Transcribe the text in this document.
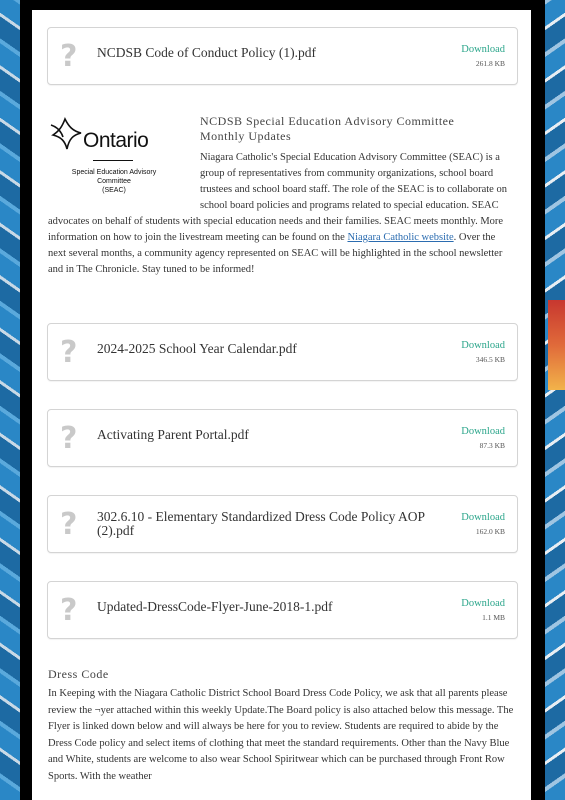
?	NCDSB Code of Conduct Policy (1).pdf	Download
261.8 KB
Ontario
Special Education Advisory
Committee
(SEAC)
NCDSB Special Education Advisory Committee
Monthly Updates
Niagara Catholic's Special Education Advisory Committee (SEAC) is a group of representatives from community organizations, school board trustees and school board staff. The role of the SEAC is to collaborate on school board policies and programs related to special education. SEAC advocates on behalf of students with special education needs and their families. SEAC meets monthly. More information on how to join the livestream meeting can be found on the Niagara Catholic website. Over the next several months, a community agency represented on SEAC will be highlighted in the school newsletter and in The Chronicle. Stay tuned to be informed!
?	2024-2025 School Year Calendar.pdf	Download
346.5 KB
?	Activating Parent Portal.pdf	Download
87.3 KB
?	302.6.10 - Elementary Standardized Dress Code Policy AOP (2).pdf
Download
162.0 KB
?	Updated-DressCode-Flyer-June-2018-1.pdf	Download
1.1 MB
Dress Code
In Keeping with the Niagara Catholic District School Board Dress Code Policy, we ask that all parents please review the ¬yer attached within this weekly Update.The Board policy is also attached below this message. The Flyer is linked down below and will always be here for you to review. Students are required to abide by the Dress Code policy and select items of clothing that meet the standard requirements. Other than the Navy Blue and White, students are welcome to also wear School Spiritwear which can be purchased through Front Row Sports. With the weather
